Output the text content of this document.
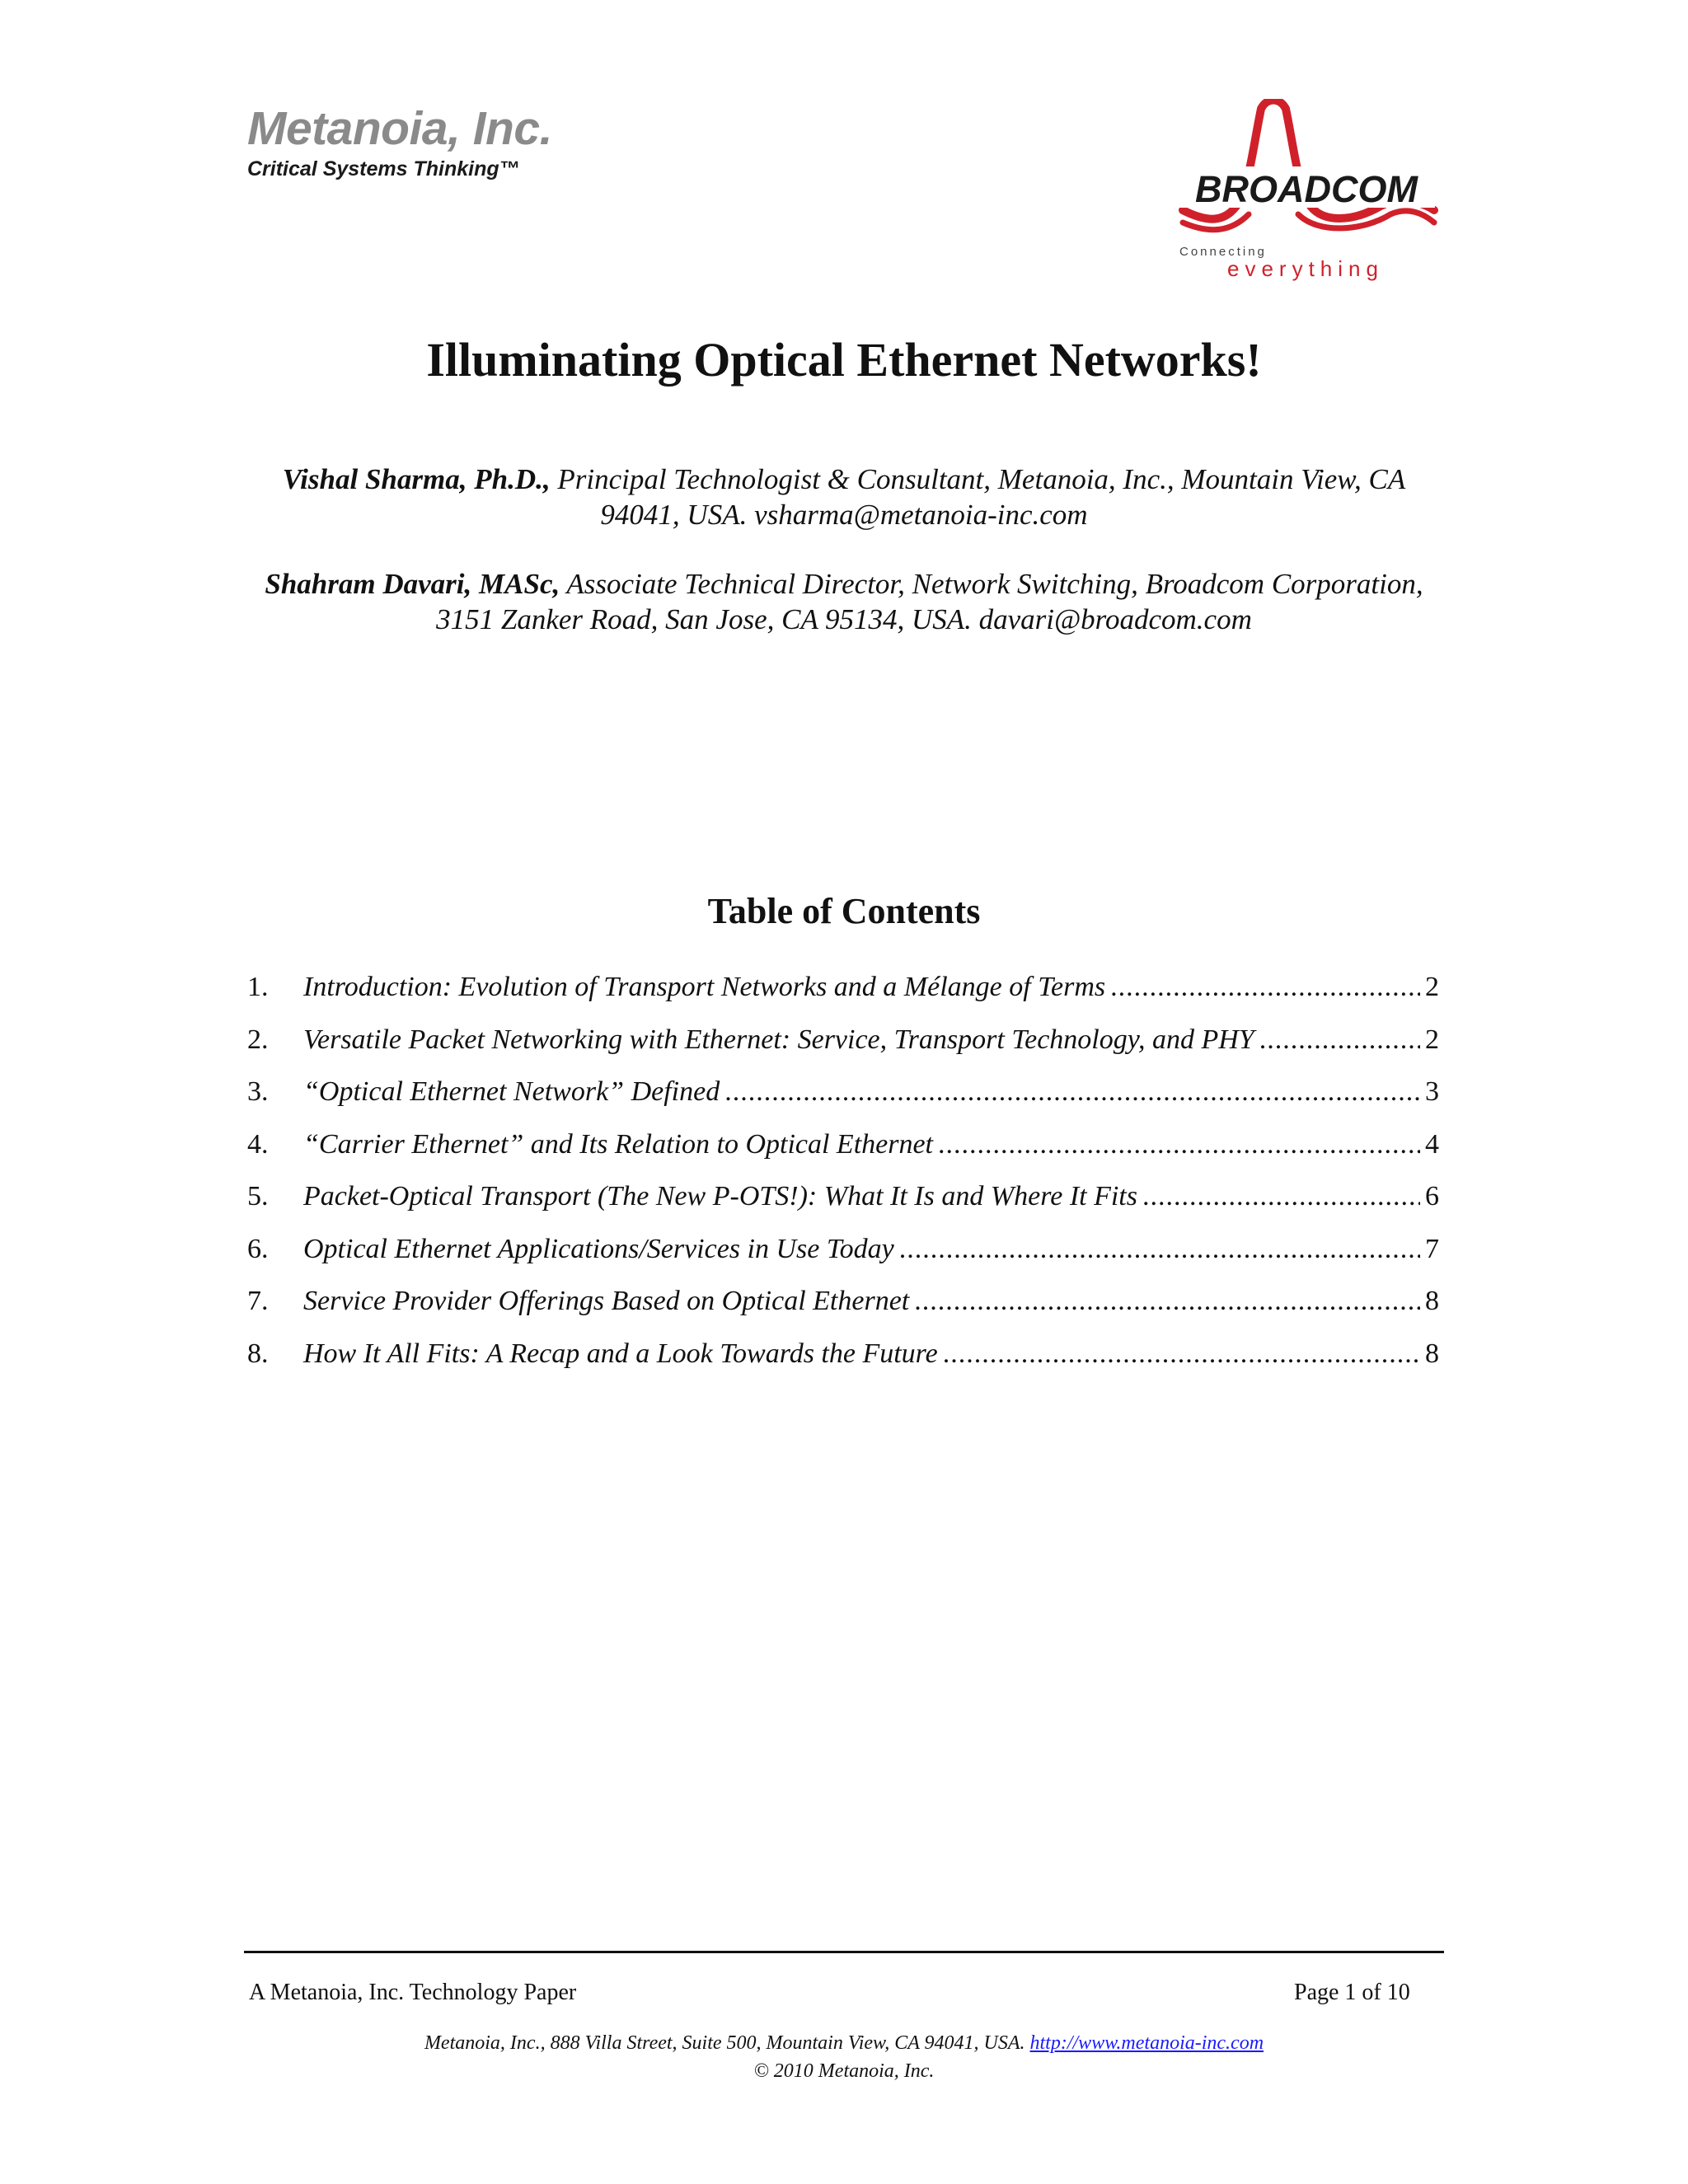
Metanoia, Inc.
Critical Systems Thinking™	BROADCOM
Connecting
everything
Illuminating Optical Ethernet Networks!
Vishal Sharma, Ph.D., Principal Technologist & Consultant, Metanoia, Inc., Mountain View, CA 94041, USA. vsharma@metanoia-inc.com
Shahram Davari, MASc, Associate Technical Director, Network Switching, Broadcom Corporation, 3151 Zanker Road, San Jose, CA 95134, USA. davari@broadcom.com
Table of Contents
1.	Introduction: Evolution of Transport Networks and a Mélange of Terms .....	2
2.	Versatile Packet Networking with Ethernet: Service, Transport Technology, and PHY .....	2
3.	“Optical Ethernet Network” Defined .....	3
4.	“Carrier Ethernet” and Its Relation to Optical Ethernet .....	4
5.	Packet-Optical Transport (The New P-OTS!): What It Is and Where It Fits .....	6
6.	Optical Ethernet Applications/Services in Use Today .....	7
7.	Service Provider Offerings Based on Optical Ethernet .....	8
8.	How It All Fits: A Recap and a Look Towards the Future .....	8
A Metanoia, Inc. Technology Paper	Page 1 of 10
Metanoia, Inc., 888 Villa Street, Suite 500, Mountain View, CA 94041, USA. http://www.metanoia-inc.com
© 2010 Metanoia, Inc.
